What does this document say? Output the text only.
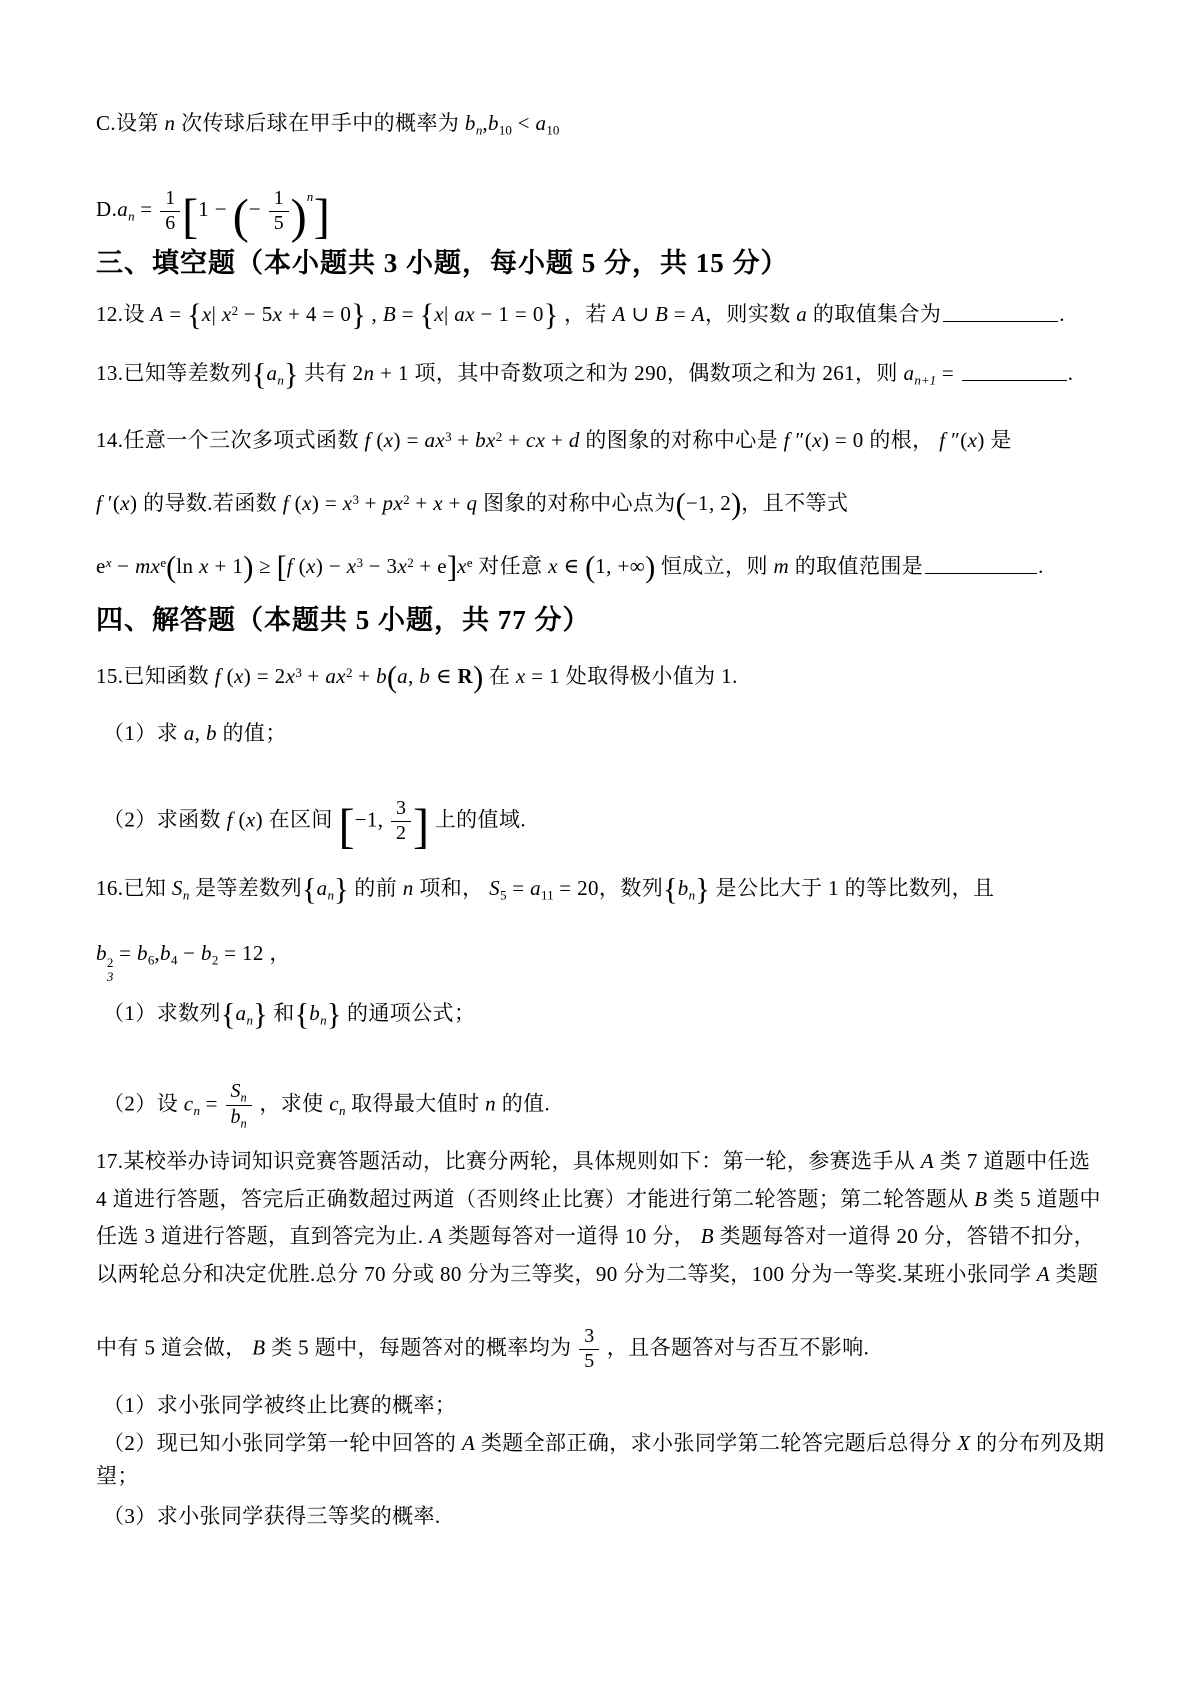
C.设第 n 次传球后球在甲手中的概率为 $b_n,b_{10} < a_{10}$
$D.a_n = \frac{1}{6} [1$ − (− $\frac{1}{5} )^n$]
三、填空题（本小题共 3 小题，每小题 5 分，共 15 分）
12.设 A = {x| $x^2 - 5x + 4 = 0$} , B = {x| ax − 1 = 0} ，若 A ∪ B = A，则实数 a 的取值集合为	.
13.已知等差数列$\{a_n\}$ 共有 2n + 1 项，其中奇数项之和为 290，偶数项之和为 261，则 $a_{n+1}$ =	.
14.任意一个三次多项式函数 f $(x) = ax^3 + bx^2$ + cx + d 的图象的对称中心是 f ″(x) = 0 的根， f ″(x) 是
f ′(x) 的导数.若函数 f $(x) = x^3 + px^2 + x + q$ 图象的对称中心点为(−1, 2)，且不等式
$e^x - mx^e(\ln$ x + 1) ≥ [f $(x) - x^3 - 3x^2 + e]x^e$ 对任意 x ∈ (1, +∞) 恒成立，则 m 的取值范围是	.
四、解答题（本题共 5 小题，共 77 分）
15.已知函数 f $(x) = 2x^3 + ax^2 + b(a$, b ∈ R) 在 x = 1 处取得极小值为 1.
（1）求 a, b 的值；
（2）求函数 f (x) 在区间 [−1, $\frac{3}{2}$ ] 上的值域.
16.已知 $S_n$ 是等差数列$\{a_n\}$ 的前 n 项和， $S_5 = a_{11} = 20$，数列$\{b_n\}$ 是公比大于 1 的等比数列，且
b 2
3
= $b_6,b_4 - b_2 = 12$ ，
（1）求数列$\{a_n\}$ 和$\{b_n\}$ 的通项公式；
（2）设 $c_n = \frac{S_n}{b_n}$ ，求使 $c_n$ 取得最大值时 n 的值.
17.某校举办诗词知识竞赛答题活动，比赛分两轮，具体规则如下：第一轮，参赛选手从 A 类 7 道题中任选
4 道进行答题，答完后正确数超过两道（否则终止比赛）才能进行第二轮答题；第二轮答题从 B 类 5 道题中
任选 3 道进行答题，直到答完为止. A 类题每答对一道得 10 分， B 类题每答对一道得 20 分，答错不扣分，
以两轮总分和决定优胜.总分 70 分或 80 分为三等奖，90 分为二等奖，100 分为一等奖.某班小张同学 A 类题
中有 5 道会做， B 类 5 题中，每题答对的概率均为 $\frac{3}{5}$ ，且各题答对与否互不影响.
（1）求小张同学被终止比赛的概率；
（2）现已知小张同学第一轮中回答的 A 类题全部正确，求小张同学第二轮答完题后总得分 X 的分布列及期
望；
（3）求小张同学获得三等奖的概率.
